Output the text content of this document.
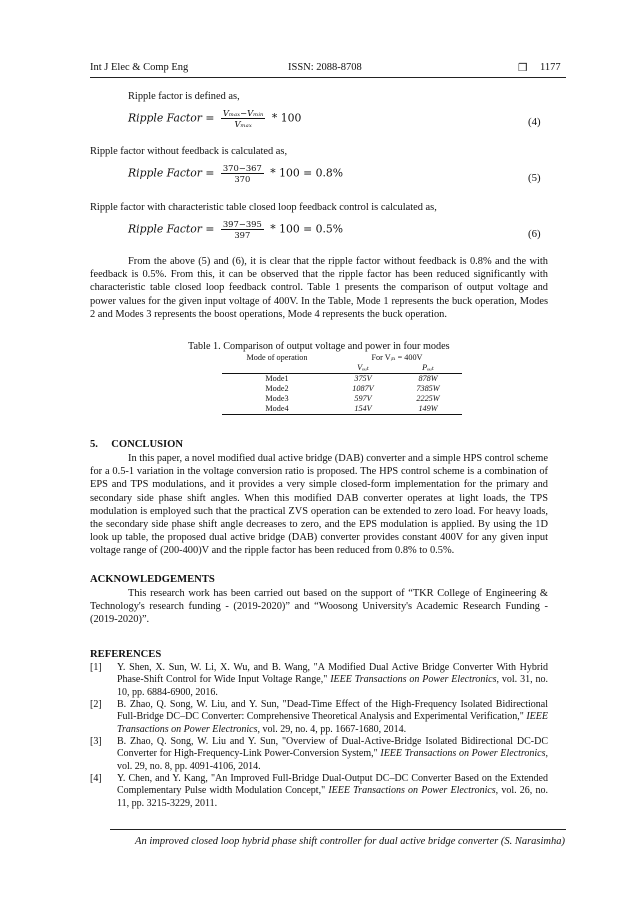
Int J Elec & Comp Eng	ISSN: 2088-8708	❒ 1177
Ripple factor is defined as,
Ripple Factor = $\frac{\text{Vₘₐₓ−Vₘᵢₙ}}{\text{Vₘₐₓ}} * 100$	(4)
Ripple factor without feedback is calculated as,
Ripple Factor = $\frac{370-367}{370} * 100 = 0.8\%$	(5)
Ripple factor with characteristic table closed loop feedback control is calculated as,
Ripple Factor = $\frac{397-395}{397} * 100 = 0.5\%$	(6)
From the above (5) and (6), it is clear that the ripple factor without feedback is 0.8% and the with feedback is 0.5%. From this, it can be observed that the ripple factor has been reduced significantly with characteristic table closed loop feedback control. Table 1 presents the comparison of output voltage and power values for the given input voltage of 400V. In the Table, Mode 1 represents the buck operation, Modes 2 and Modes 3 represents the boost operations, Mode 4 represents the buck operation.
Table 1. Comparison of output voltage and power in four modes
Mode of operation	For Vᵢₙ = 400V	
	Vₒᵤₜ	Pₒᵤₜ
Mode1	375V	878W
Mode2	1087V	7385W
Mode3	597V	2225W
Mode4	154V	149W
5.     CONCLUSION
In this paper, a novel modified dual active bridge (DAB) converter and a simple HPS control scheme for a 0.5-1 variation in the voltage conversion ratio is proposed. The HPS control scheme is a combination of EPS and TPS modulations, and it provides a very simple closed-form implementation for the primary and secondary side phase shift angles. When this modified DAB converter operates at light loads, the TPS modulation is employed such that the practical ZVS operation can be extended to zero load. For heavy loads, the secondary side phase shift angle decreases to zero, and the EPS modulation is applied. By using the 1D look up table, the proposed dual active bridge (DAB) converter provides constant 400V for any given input voltage range of (200-400)V and the ripple factor has been reduced from 0.8% to 0.5%.
ACKNOWLEDGEMENTS
This research work has been carried out based on the support of “TKR College of Engineering & Technology's research funding - (2019-2020)” and “Woosong University's Academic Research Funding - (2019-2020)”.
REFERENCES
[1] Y. Shen, X. Sun, W. Li, X. Wu, and B. Wang, "A Modified Dual Active Bridge Converter With Hybrid Phase-Shift Control for Wide Input Voltage Range," IEEE Transactions on Power Electronics, vol. 31, no. 10, pp. 6884-6900, 2016.
[2] B. Zhao, Q. Song, W. Liu, and Y. Sun, "Dead-Time Effect of the High-Frequency Isolated Bidirectional Full-Bridge DC–DC Converter: Comprehensive Theoretical Analysis and Experimental Verification," IEEE Transactions on Power Electronics, vol. 29, no. 4, pp. 1667-1680, 2014.
[3] B. Zhao, Q. Song, W. Liu and Y. Sun, "Overview of Dual-Active-Bridge Isolated Bidirectional DC-DC Converter for High-Frequency-Link Power-Conversion System," IEEE Transactions on Power Electronics, vol. 29, no. 8, pp. 4091-4106, 2014.
[4] Y. Chen, and Y. Kang, "An Improved Full-Bridge Dual-Output DC–DC Converter Based on the Extended Complementary Pulse width Modulation Concept," IEEE Transactions on Power Electronics, vol. 26, no. 11, pp. 3215-3229, 2011.
An improved closed loop hybrid phase shift controller for dual active bridge converter (S. Narasimha)
